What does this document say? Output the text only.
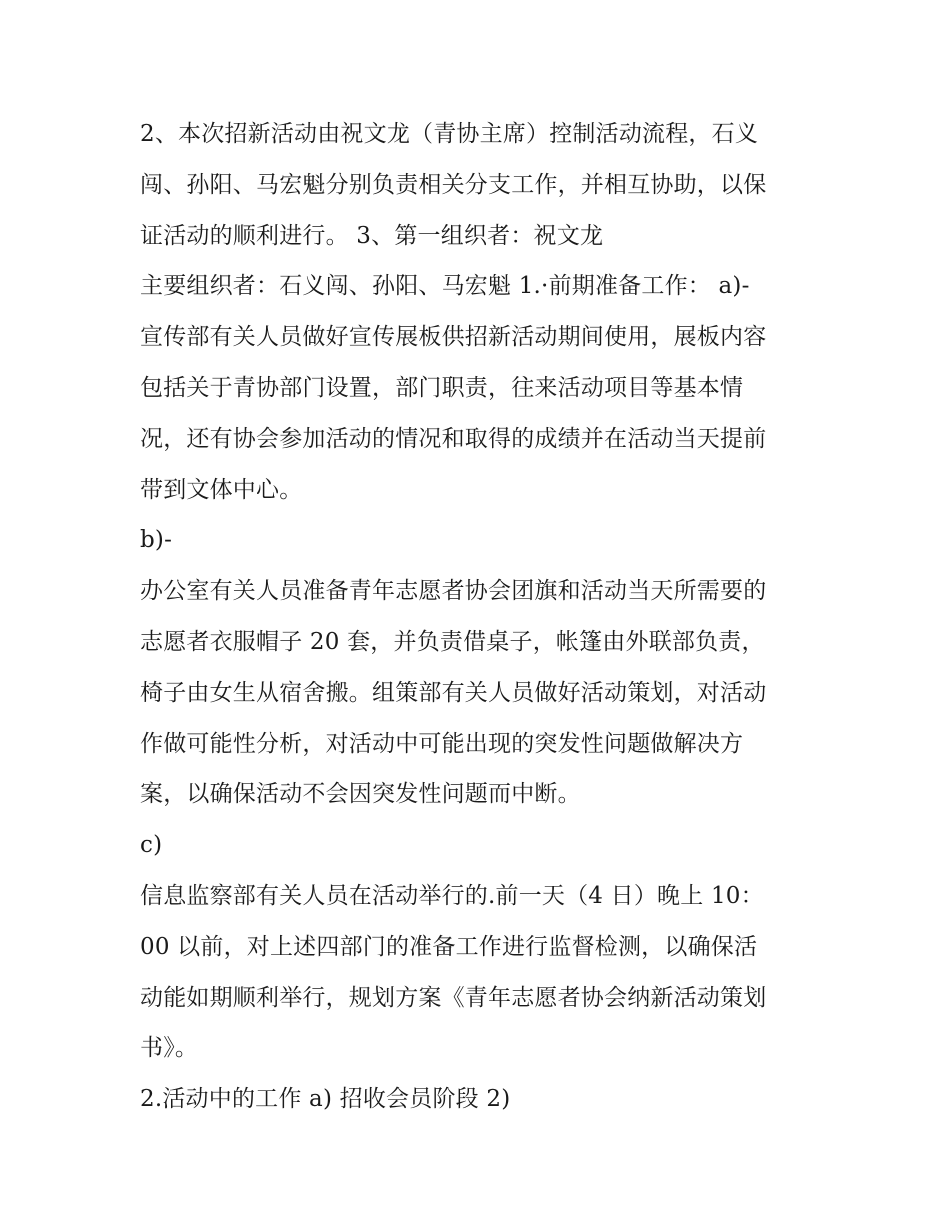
2、本次招新活动由祝文龙（青协主席）控制活动流程，石义
闯、孙阳、马宏魁分别负责相关分支工作，并相互协助，以保
证活动的顺利进行。 3、第一组织者：祝文龙
主要组织者：石义闯、孙阳、马宏魁 1.·前期准备工作： a)-
宣传部有关人员做好宣传展板供招新活动期间使用，展板内容
包括关于青协部门设置，部门职责，往来活动项目等基本情
况，还有协会参加活动的情况和取得的成绩并在活动当天提前
带到文体中心。
b)-
办公室有关人员准备青年志愿者协会团旗和活动当天所需要的
志愿者衣服帽子 20 套，并负责借桌子，帐篷由外联部负责，
椅子由女生从宿舍搬。组策部有关人员做好活动策划，对活动
作做可能性分析，对活动中可能出现的突发性问题做解决方
案，以确保活动不会因突发性问题而中断。
c)
信息监察部有关人员在活动举行的.前一天（4 日）晚上 10：
00 以前，对上述四部门的准备工作进行监督检测，以确保活
动能如期顺利举行，规划方案《青年志愿者协会纳新活动策划
书》。
2.活动中的工作 a) 招收会员阶段 2)
